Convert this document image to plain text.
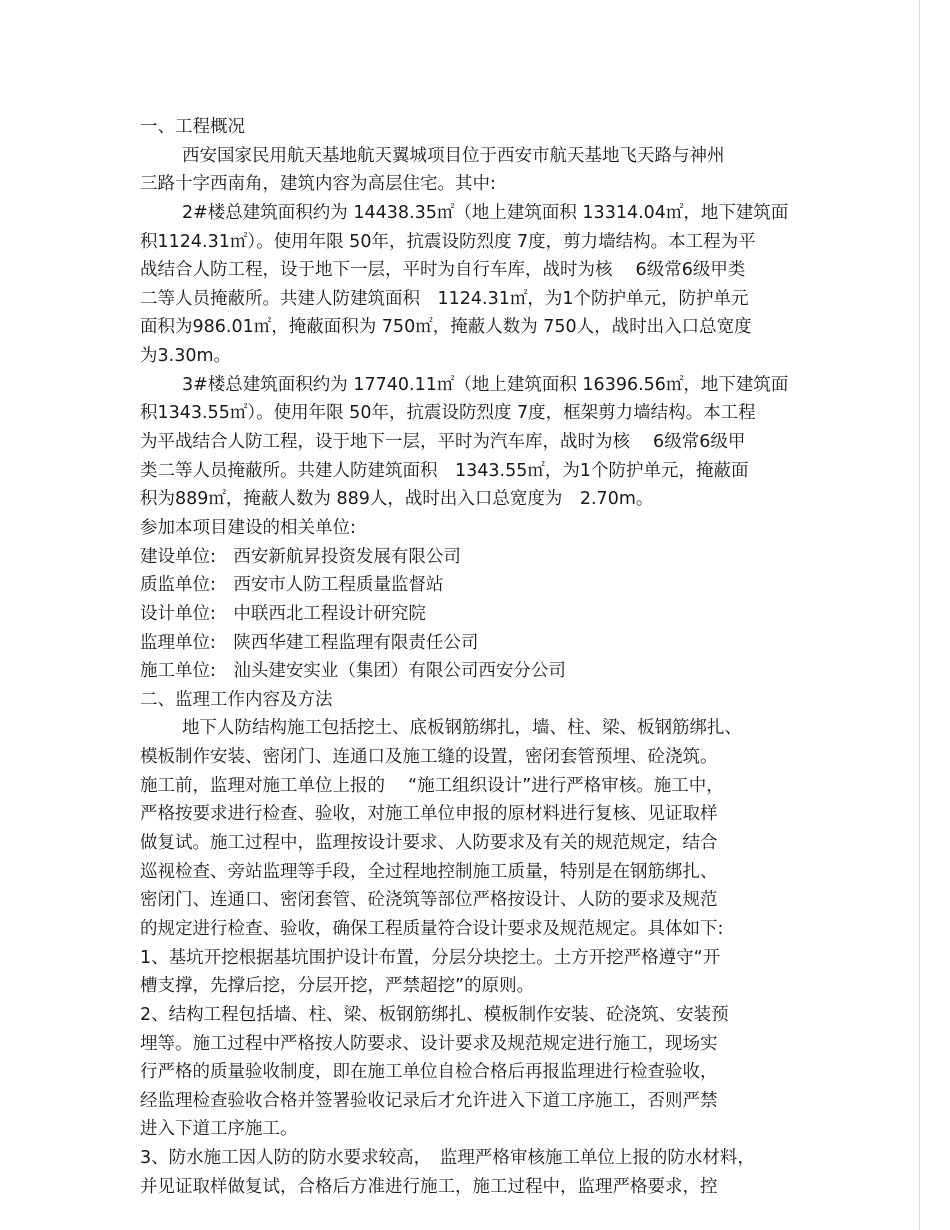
一、工程概况
西安国家民用航天基地航天翼城项目位于西安市航天基地飞天路与神州
三路十字西南角，建筑内容为高层住宅。其中:
2#楼总建筑面积约为 14438.35㎡（地上建筑面积 13314.04㎡，地下建筑面
积1124.31㎡）。使用年限 50年，抗震设防烈度 7度，剪力墙结构。本工程为平
战结合人防工程，设于地下一层，平时为自行车库，战时为核　 6级常6级甲类
二等人员掩蔽所。共建人防建筑面积　1124.31㎡，为1个防护单元，防护单元
面积为986.01㎡，掩蔽面积为 750㎡，掩蔽人数为 750人，战时出入口总宽度
为3.30m。
3#楼总建筑面积约为 17740.11㎡（地上建筑面积 16396.56㎡，地下建筑面
积1343.55㎡）。使用年限 50年，抗震设防烈度 7度，框架剪力墙结构。本工程
为平战结合人防工程，设于地下一层，平时为汽车库，战时为核　 6级常6级甲
类二等人员掩蔽所。共建人防建筑面积　1343.55㎡，为1个防护单元，掩蔽面
积为889㎡，掩蔽人数为 889人，战时出入口总宽度为　2.70m。
参加本项目建设的相关单位:
建设单位:　西安新航昇投资发展有限公司
质监单位:　西安市人防工程质量监督站
设计单位:　中联西北工程设计研究院
监理单位:　陕西华建工程监理有限责任公司
施工单位:　汕头建安实业（集团）有限公司西安分公司
二、监理工作内容及方法
地下人防结构施工包括挖土、底板钢筋绑扎，墙、柱、梁、板钢筋绑扎、
模板制作安装、密闭门、连通口及施工缝的设置，密闭套管预埋、砼浇筑。
施工前，监理对施工单位上报的　 “施工组织设计”进行严格审核。施工中，
严格按要求进行检查、验收，对施工单位申报的原材料进行复核、见证取样
做复试。施工过程中，监理按设计要求、人防要求及有关的规范规定，结合
巡视检查、旁站监理等手段，全过程地控制施工质量，特别是在钢筋绑扎、
密闭门、连通口、密闭套管、砼浇筑等部位严格按设计、人防的要求及规范
的规定进行检查、验收，确保工程质量符合设计要求及规范规定。具体如下:
1、基坑开挖根据基坑围护设计布置，分层分块挖土。土方开挖严格遵守“开
槽支撑，先撑后挖，分层开挖，严禁超挖”的原则。
2、结构工程包括墙、柱、梁、板钢筋绑扎、模板制作安装、砼浇筑、安装预
埋等。施工过程中严格按人防要求、设计要求及规范规定进行施工，现场实
行严格的质量验收制度，即在施工单位自检合格后再报监理进行检查验收，
经监理检查验收合格并签署验收记录后才允许进入下道工序施工，否则严禁
进入下道工序施工。
3、防水施工因人防的防水要求较高，　监理严格审核施工单位上报的防水材料，
并见证取样做复试，合格后方准进行施工，施工过程中，监理严格要求，控
